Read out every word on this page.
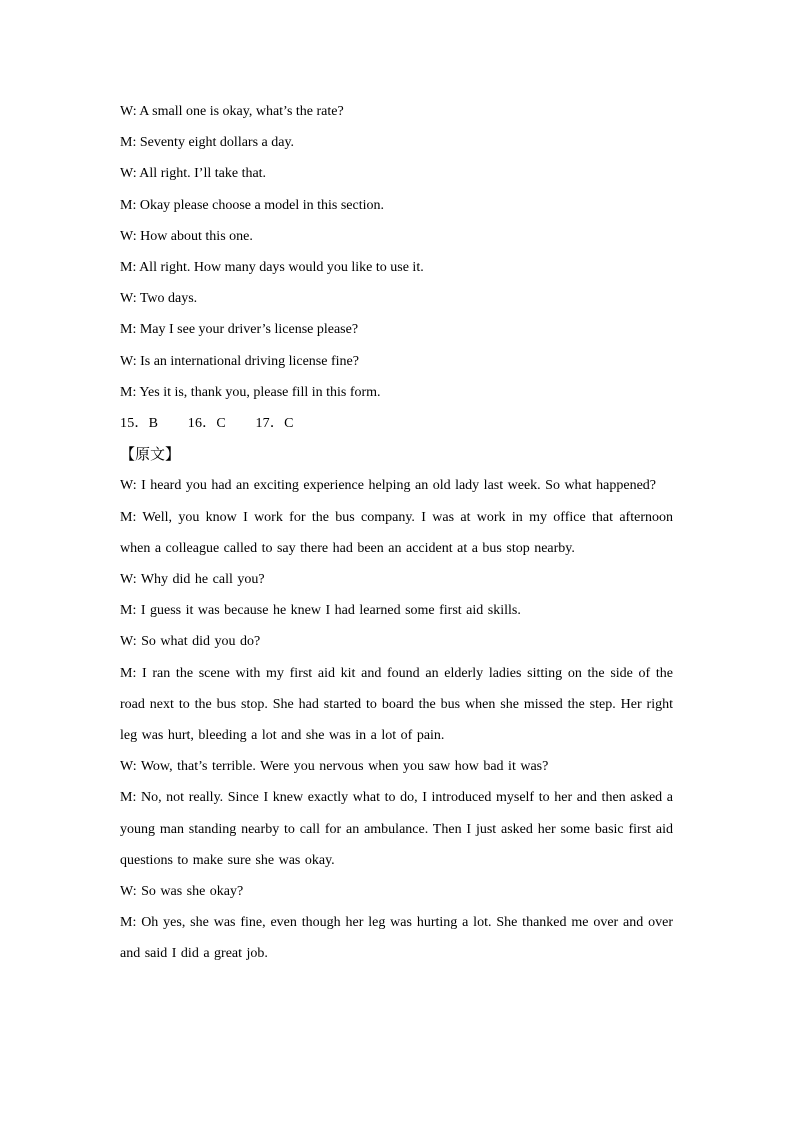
W: A small one is okay, what’s the rate?
M: Seventy eight dollars a day.
W: All right. I’ll take that.
M: Okay please choose a model in this section.
W: How about this one.
M: All right. How many days would you like to use it.
W: Two days.
M: May I see your driver’s license please?
W: Is an international driving license fine?
M: Yes it is, thank you, please fill in this form.
15．B        16．C        17．C
【原文】
W: I heard you had an exciting experience helping an old lady last week. So what happened?
M: Well, you know I work for the bus company. I was at work in my office that afternoon when a colleague called to say there had been an accident at a bus stop nearby.
W: Why did he call you?
M: I guess it was because he knew I had learned some first aid skills.
W: So what did you do?
M: I ran the scene with my first aid kit and found an elderly ladies sitting on the side of the road next to the bus stop. She had started to board the bus when she missed the step. Her right leg was hurt, bleeding a lot and she was in a lot of pain.
W: Wow, that’s terrible. Were you nervous when you saw how bad it was?
M: No, not really. Since I knew exactly what to do, I introduced myself to her and then asked a young man standing nearby to call for an ambulance. Then I just asked her some basic first aid questions to make sure she was okay.
W: So was she okay?
M: Oh yes, she was fine, even though her leg was hurting a lot. She thanked me over and over and said I did a great job.
